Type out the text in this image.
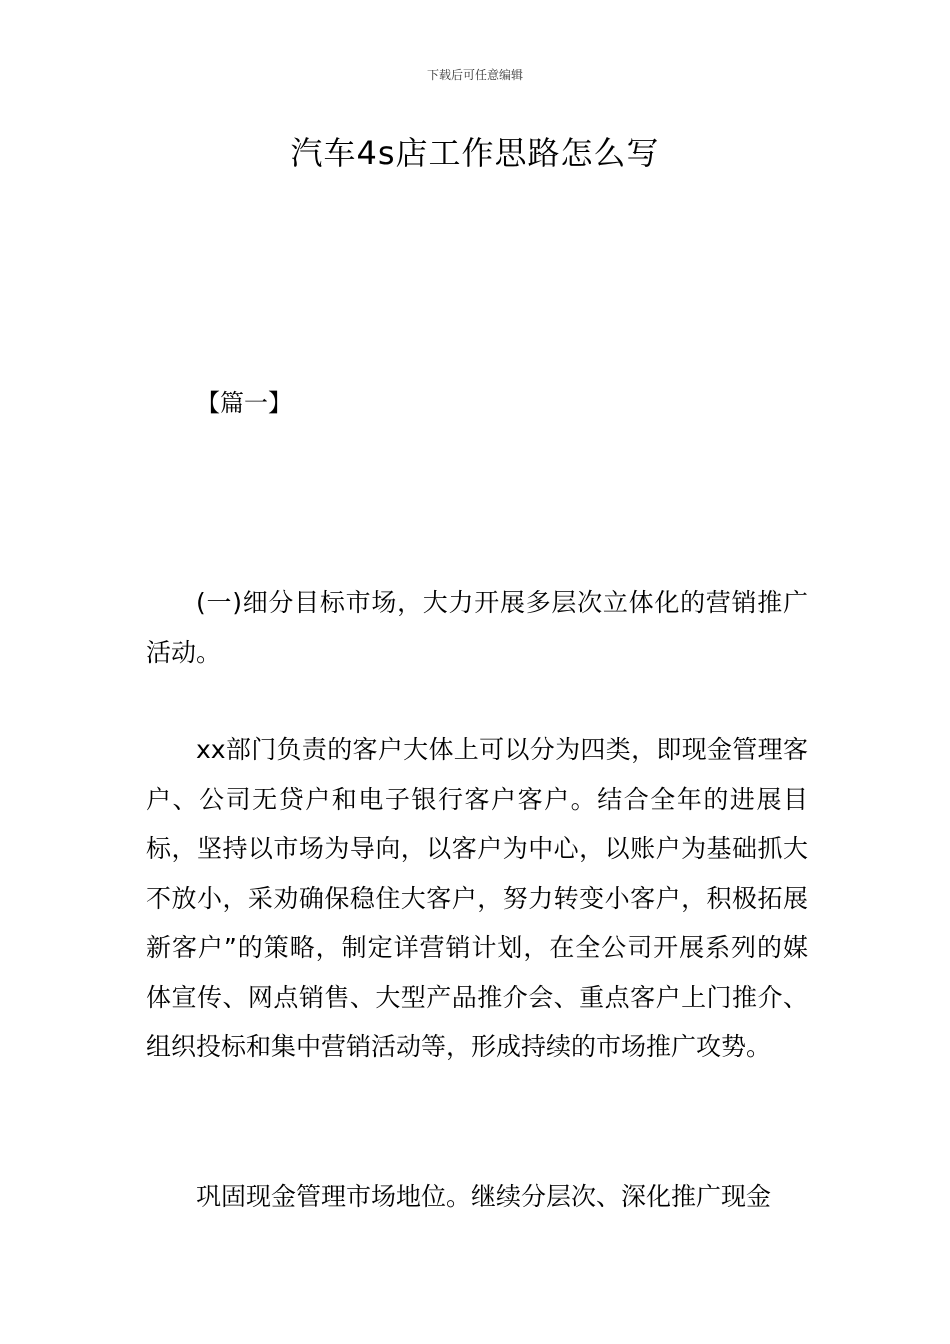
下载后可任意编辑
汽车4s店工作思路怎么写
【篇一】

(一)细分目标市场，大力开展多层次立体化的营销推广活动。

xx部门负责的客户大体上可以分为四类，即现金管理客户、公司无贷户和电子银行客户客户。结合全年的进展目标，坚持以市场为导向，以客户为中心，以账户为基础抓大不放小，采劝确保稳住大客户，努力转变小客户，积极拓展新客户”的策略，制定详营销计划，在全公司开展系列的媒体宣传、网点销售、大型产品推介会、重点客户上门推介、组织投标和集中营销活动等，形成持续的市场推广攻势。

巩固现金管理市场地位。继续分层次、深化推广现金
